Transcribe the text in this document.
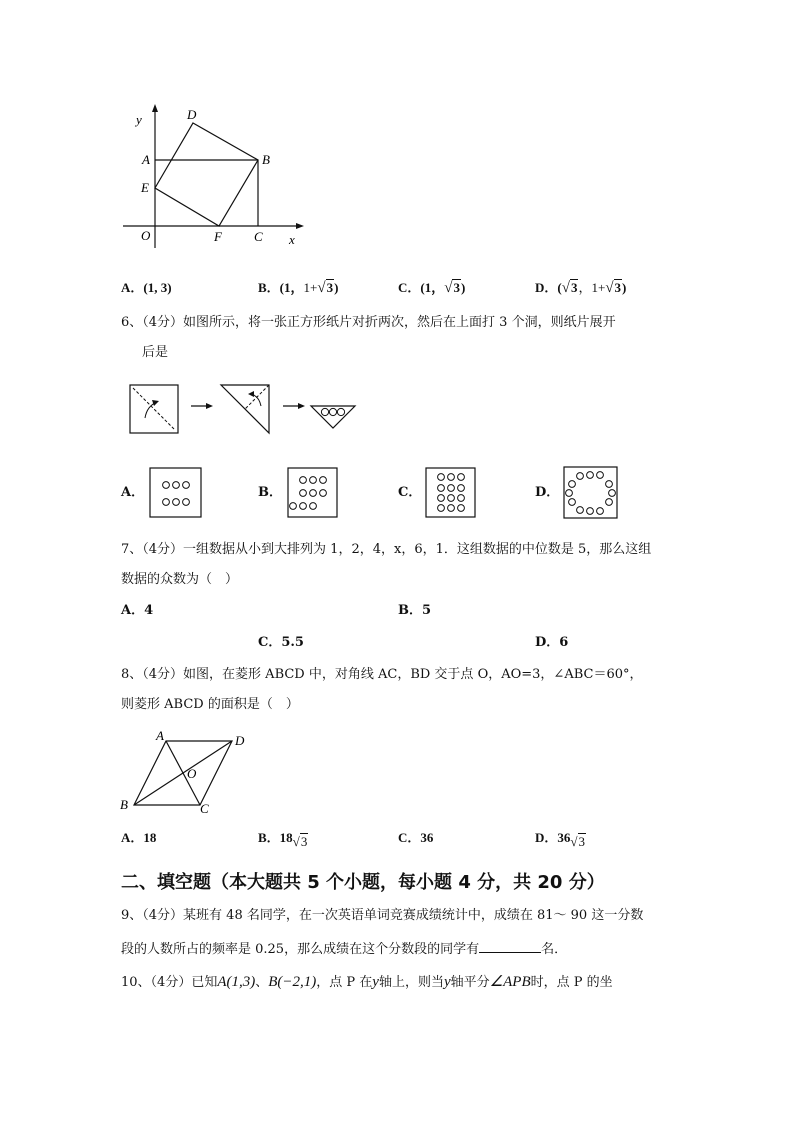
y
x
D
A	B
E
O	F C
A．(1, 3)	B．(1，1+√3)	C．(1，√3)	D．(√3，1+√3)
6、（4分）如图所示，将一张正方形纸片对折两次，然后在上面打 3 个洞，则纸片展开
后是
A．	B．	C．	D．
7、（4分）一组数据从小到大排列为 1，2，4，x，6，1．这组数据的中位数是 5，那么这组
数据的众数为（　）
A．4	B．5
C．5.5	D．6
8、（4分）如图，在菱形 ABCD 中，对角线 AC，BD 交于点 O，AO=3，∠ABC＝60°，
则菱形 ABCD 的面积是（　）
A	D
O
B	C
A．18	B．18√3	C．36	D．36√3
二、填空题（本大题共 5 个小题，每小题 4 分，共 20 分）
9、（4分）某班有 48 名同学，在一次英语单词竞赛成绩统计中，成绩在 81～ 90 这一分数
段的人数所占的频率是 0.25，那么成绩在这个分数段的同学有	名．
10、（4分）已知A(1,3)、B(−2,1)，点 P 在y轴上，则当y轴平分∠APB时，点 P 的坐
